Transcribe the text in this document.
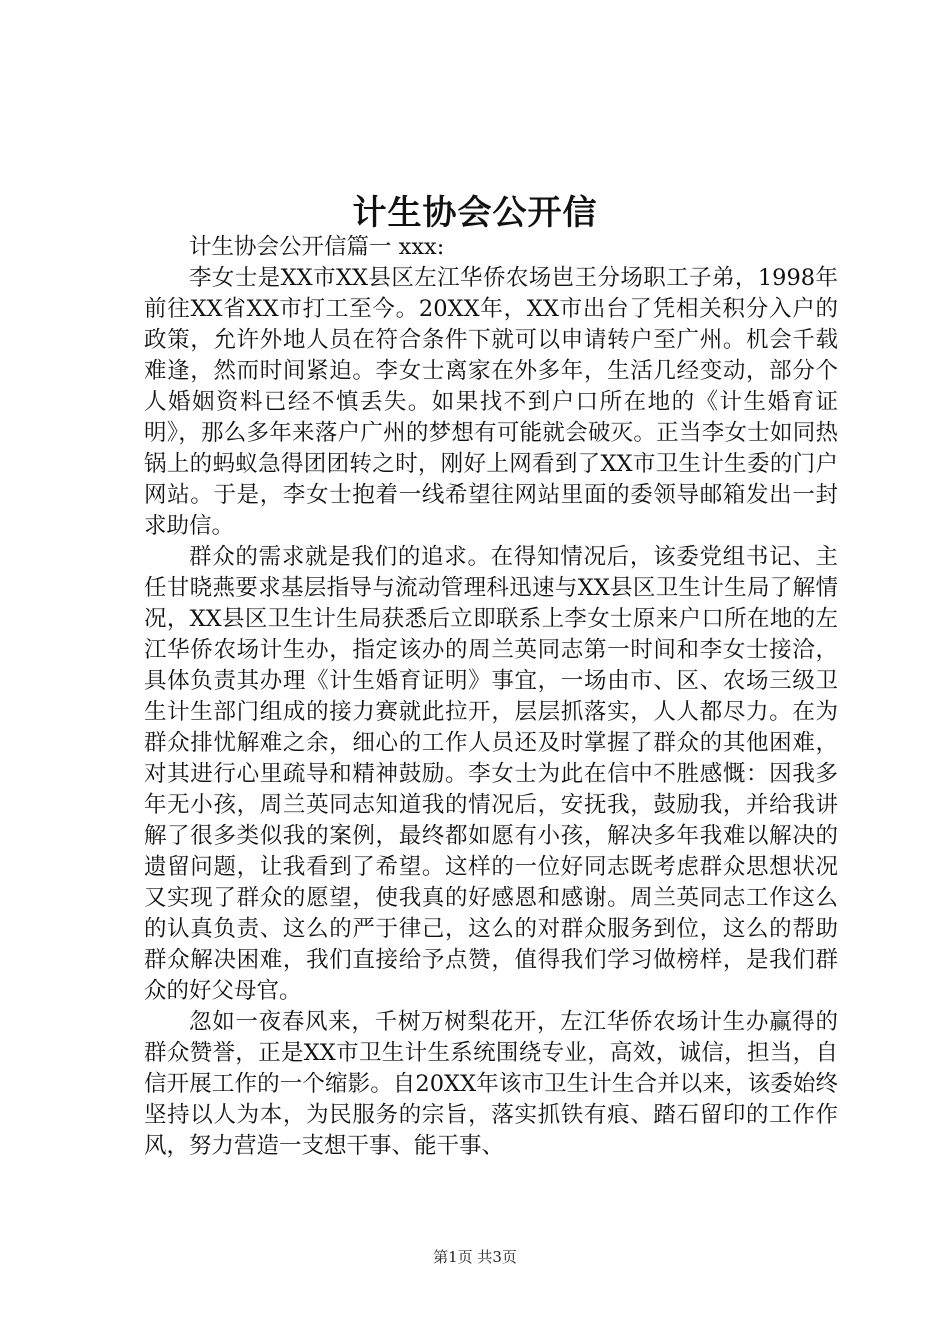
计生协会公开信

计生协会公开信篇一 xxx:

李女士是XX市XX县区左江华侨农场岜王分场职工子弟，1998年前往XX省XX市打工至今。20XX年，XX市出台了凭相关积分入户的政策，允许外地人员在符合条件下就可以申请转户至广州。机会千载难逢，然而时间紧迫。李女士离家在外多年，生活几经变动，部分个人婚姻资料已经不慎丢失。如果找不到户口所在地的《计生婚育证明》，那么多年来落户广州的梦想有可能就会破灭。正当李女士如同热锅上的蚂蚁急得团团转之时，刚好上网看到了XX市卫生计生委的门户网站。于是，李女士抱着一线希望往网站里面的委领导邮箱发出一封求助信。

群众的需求就是我们的追求。在得知情况后，该委党组书记、主任甘晓燕要求基层指导与流动管理科迅速与XX县区卫生计生局了解情况，XX县区卫生计生局获悉后立即联系上李女士原来户口所在地的左江华侨农场计生办，指定该办的周兰英同志第一时间和李女士接洽，具体负责其办理《计生婚育证明》事宜，一场由市、区、农场三级卫生计生部门组成的接力赛就此拉开，层层抓落实，人人都尽力。在为群众排忧解难之余，细心的工作人员还及时掌握了群众的其他困难，对其进行心里疏导和精神鼓励。李女士为此在信中不胜感慨：因我多年无小孩，周兰英同志知道我的情况后，安抚我，鼓励我，并给我讲解了很多类似我的案例，最终都如愿有小孩，解决多年我难以解决的遗留问题，让我看到了希望。这样的一位好同志既考虑群众思想状况又实现了群众的愿望，使我真的好感恩和感谢。周兰英同志工作这么的认真负责、这么的严于律己，这么的对群众服务到位，这么的帮助群众解决困难，我们直接给予点赞，值得我们学习做榜样，是我们群众的好父母官。

忽如一夜春风来，千树万树梨花开，左江华侨农场计生办赢得的群众赞誉，正是XX市卫生计生系统围绕专业，高效，诚信，担当，自信开展工作的一个缩影。自20XX年该市卫生计生合并以来，该委始终坚持以人为本，为民服务的宗旨，落实抓铁有痕、踏石留印的工作作风，努力营造一支想干事、能干事、

第1页 共3页
